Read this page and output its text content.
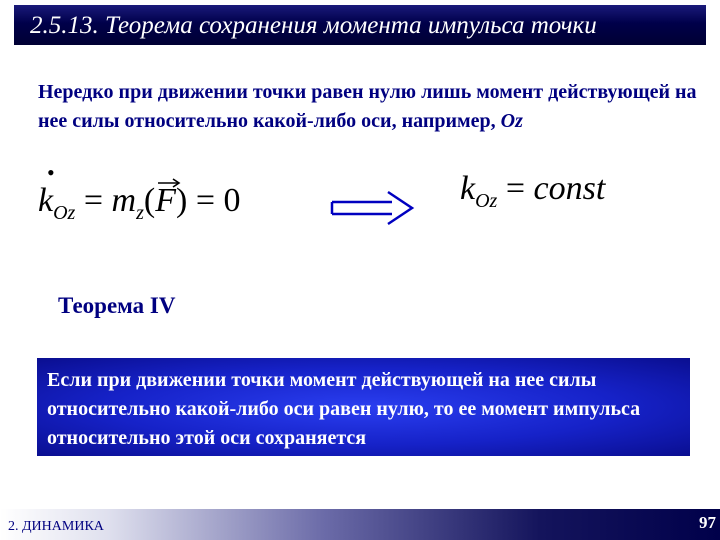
2.5.13. Теорема сохранения момента импульса точки
Нередко при движении точки равен нулю лишь момент действующей на нее силы относительно какой-либо оси, например, Oz
•
$k_{Oz} = m_z$(
F) = 0	$k_{Oz}$ = const
Теорема IV
Если при движении точки момент действующей на нее силы относительно какой-либо оси равен нулю, то ее момент импульса относительно этой оси сохраняется
2. ДИНАМИКА	97
